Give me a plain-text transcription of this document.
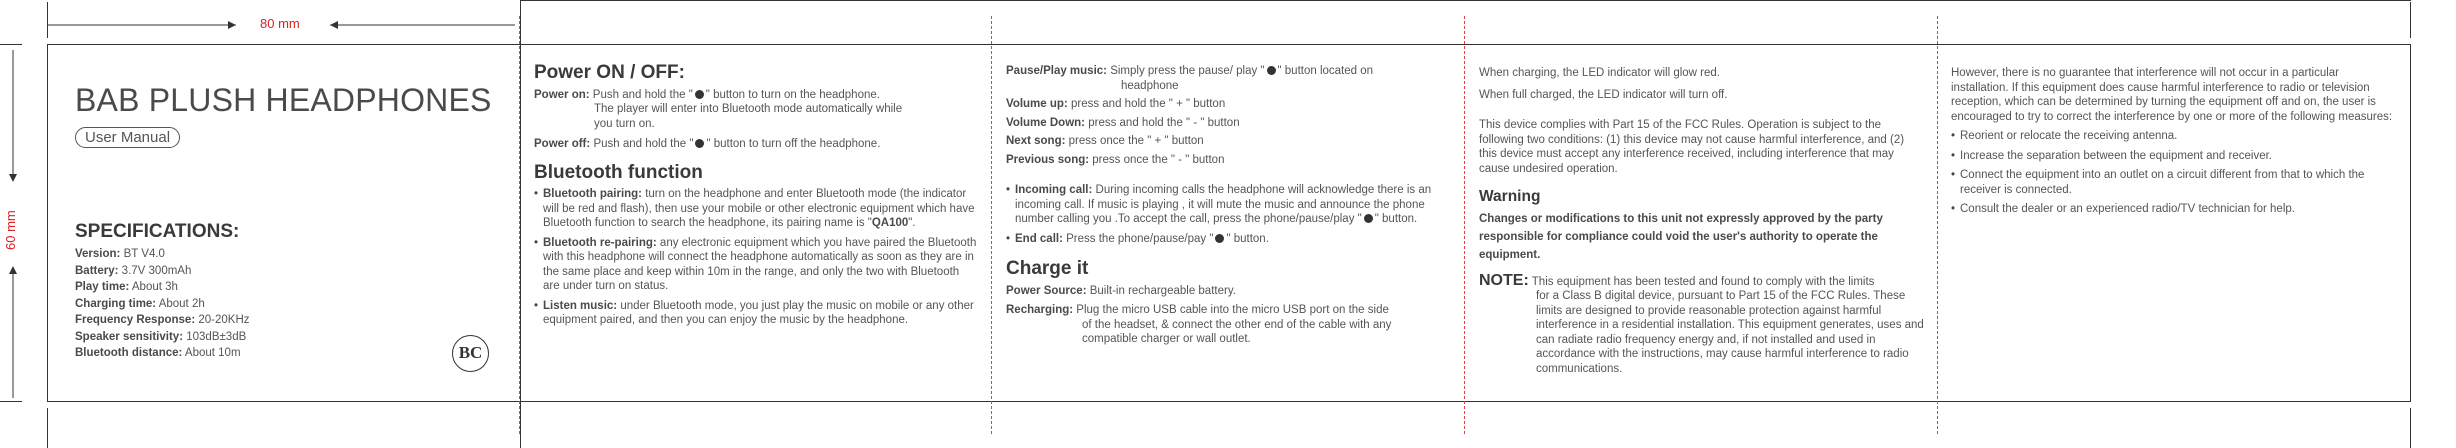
80 mm
60 mm
BAB PLUSH HEADPHONES
User Manual
SPECIFICATIONS:
Version: BT V4.0
Battery: 3.7V 300mAh
Play time: About 3h
Charging time: About 2h
Frequency Response: 20-20KHz
Speaker sensitivity: 103dB±3dB
Bluetooth distance: About 10m	BC
Power ON / OFF:

Power on: Push and hold the " " button to turn on the headphone.
The player will enter into Bluetooth mode automatically while
you turn on.

Power off: Push and hold the " " button to turn off the headphone.

Bluetooth function
• Bluetooth pairing: turn on the headphone and enter Bluetooth mode (the indicator will be red and flash), then use your mobile or other electronic equipment which have Bluetooth function to search the headphone, its pairing name is "QA100".
• Bluetooth re-pairing: any electronic equipment which you have paired the Bluetooth with this headphone will connect the headphone automatically as soon as they are in the same place and keep within 10m in the range, and only the two with Bluetooth are under turn on status.
• Listen music: under Bluetooth mode, you just play the music on mobile or any other equipment paired, and then you can enjoy the music by the headphone.

Pause/Play music: Simply press the pause/ play " " button located on
headphone

Volume up: press and hold the " + " button

Volume Down: press and hold the " - " button

Next song: press once the " + " button

Previous song: press once the " - " button

• Incoming call: During incoming calls the headphone will acknowledge there is an incoming call. If music is playing , it will mute the music and announce the phone number calling you .To accept the call, press the phone/pause/play " " button.
• End call: Press the phone/pause/pay " " button.
Charge it

Power Source: Built-in rechargeable battery.

Recharging: Plug the micro USB cable into the micro USB port on the side
of the headset, & connect the other end of the cable with any
compatible charger or wall outlet.

When charging, the LED indicator will glow red.

When full charged, the LED indicator will turn off.

This device complies with Part 15 of the FCC Rules. Operation is subject to the following two conditions: (1) this device may not cause harmful interference, and (2) this device must accept any interference received, including interference that may cause undesired operation.

Warning

Changes or modifications to this unit not expressly approved by the party responsible for compliance could void the user's authority to operate the equipment.

NOTE: This equipment has been tested and found to comply with the limits
for a Class B digital device, pursuant to Part 15 of the FCC Rules. These limits are designed to provide reasonable protection against harmful interference in a residential installation. This equipment generates, uses and can radiate radio frequency energy and, if not installed and used in accordance with the instructions, may cause harmful interference to radio communications.

However, there is no guarantee that interference will not occur in a particular installation. If this equipment does cause harmful interference to radio or television reception, which can be determined by turning the equipment off and on, the user is encouraged to try to correct the interference by one or more of the following measures:

• Reorient or relocate the receiving antenna.
• Increase the separation between the equipment and receiver.
• Connect the equipment into an outlet on a circuit different from that to which the receiver is connected.
• Consult the dealer or an experienced radio/TV technician for help.
